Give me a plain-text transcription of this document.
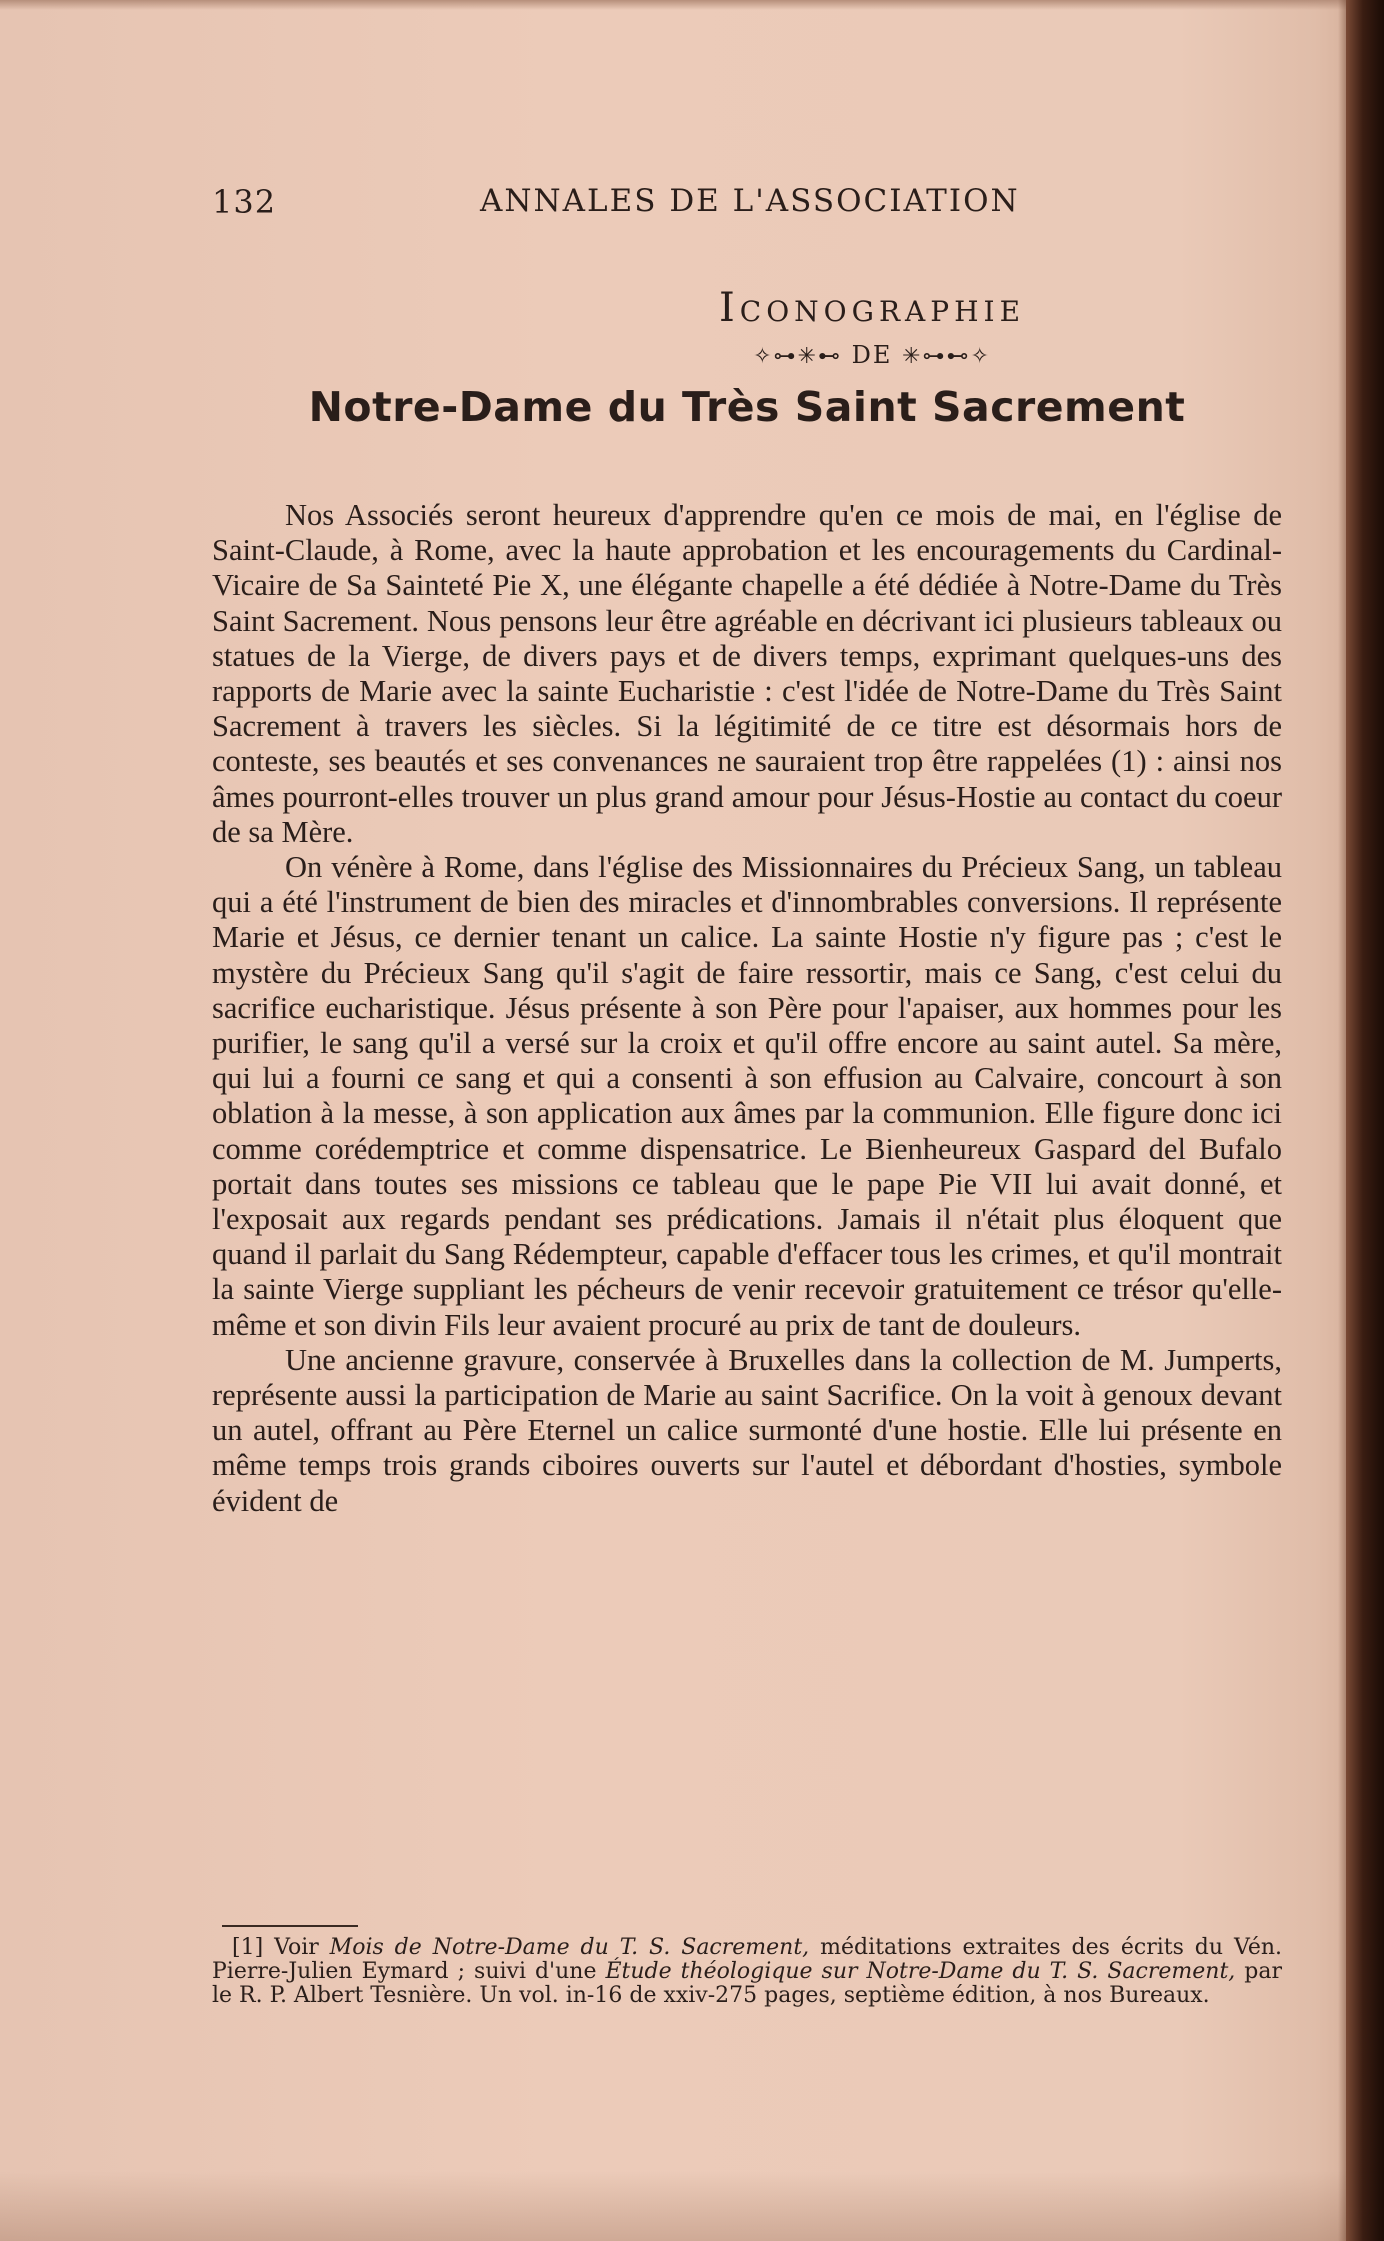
132	ANNALES DE L'ASSOCIATION
Iconographie
✧⊶✳⊷ DE ✳⊶⊷✧
Notre-Dame du Très Saint Sacrement

Nos Associés seront heureux d'apprendre qu'en ce mois de mai, en l'église de Saint-Claude, à Rome, avec la haute approbation et les encouragements du Cardinal-Vicaire de Sa Sainteté Pie X, une élégante chapelle a été dédiée à Notre-Dame du Très Saint Sacrement. Nous pensons leur être agréable en décrivant ici plusieurs tableaux ou statues de la Vierge, de divers pays et de divers temps, exprimant quelques-uns des rapports de Marie avec la sainte Eucharistie : c'est l'idée de Notre-Dame du Très Saint Sacrement à travers les siècles. Si la légitimité de ce titre est désormais hors de conteste, ses beautés et ses convenances ne sauraient trop être rappelées (1) : ainsi nos âmes pourront-elles trouver un plus grand amour pour Jésus-Hostie au contact du coeur de sa Mère.

On vénère à Rome, dans l'église des Missionnaires du Précieux Sang, un tableau qui a été l'instrument de bien des miracles et d'innombrables conversions. Il représente Marie et Jésus, ce dernier tenant un calice. La sainte Hostie n'y figure pas ; c'est le mystère du Précieux Sang qu'il s'agit de faire ressortir, mais ce Sang, c'est celui du sacrifice eucharistique. Jésus présente à son Père pour l'apaiser, aux hommes pour les purifier, le sang qu'il a versé sur la croix et qu'il offre encore au saint autel. Sa mère, qui lui a fourni ce sang et qui a consenti à son effusion au Calvaire, concourt à son oblation à la messe, à son application aux âmes par la communion. Elle figure donc ici comme corédemptrice et comme dispensatrice. Le Bienheureux Gaspard del Bufalo portait dans toutes ses missions ce tableau que le pape Pie VII lui avait donné, et l'exposait aux regards pendant ses prédications. Jamais il n'était plus éloquent que quand il parlait du Sang Rédempteur, capable d'effacer tous les crimes, et qu'il montrait la sainte Vierge suppliant les pécheurs de venir recevoir gratuitement ce trésor qu'elle-même et son divin Fils leur avaient procuré au prix de tant de douleurs.

Une ancienne gravure, conservée à Bruxelles dans la collection de M. Jumperts, représente aussi la participation de Marie au saint Sacrifice. On la voit à genoux devant un autel, offrant au Père Eternel un calice surmonté d'une hostie. Elle lui présente en même temps trois grands ciboires ouverts sur l'autel et débordant d'hosties, symbole évident de

[1] Voir Mois de Notre-Dame du T. S. Sacrement, méditations extraites des écrits du Vén. Pierre-Julien Eymard ; suivi d'une Étude théologique sur Notre-Dame du T. S. Sacrement, par le R. P. Albert Tesnière. Un vol. in-16 de xxiv-275 pages, septième édition, à nos Bureaux.
